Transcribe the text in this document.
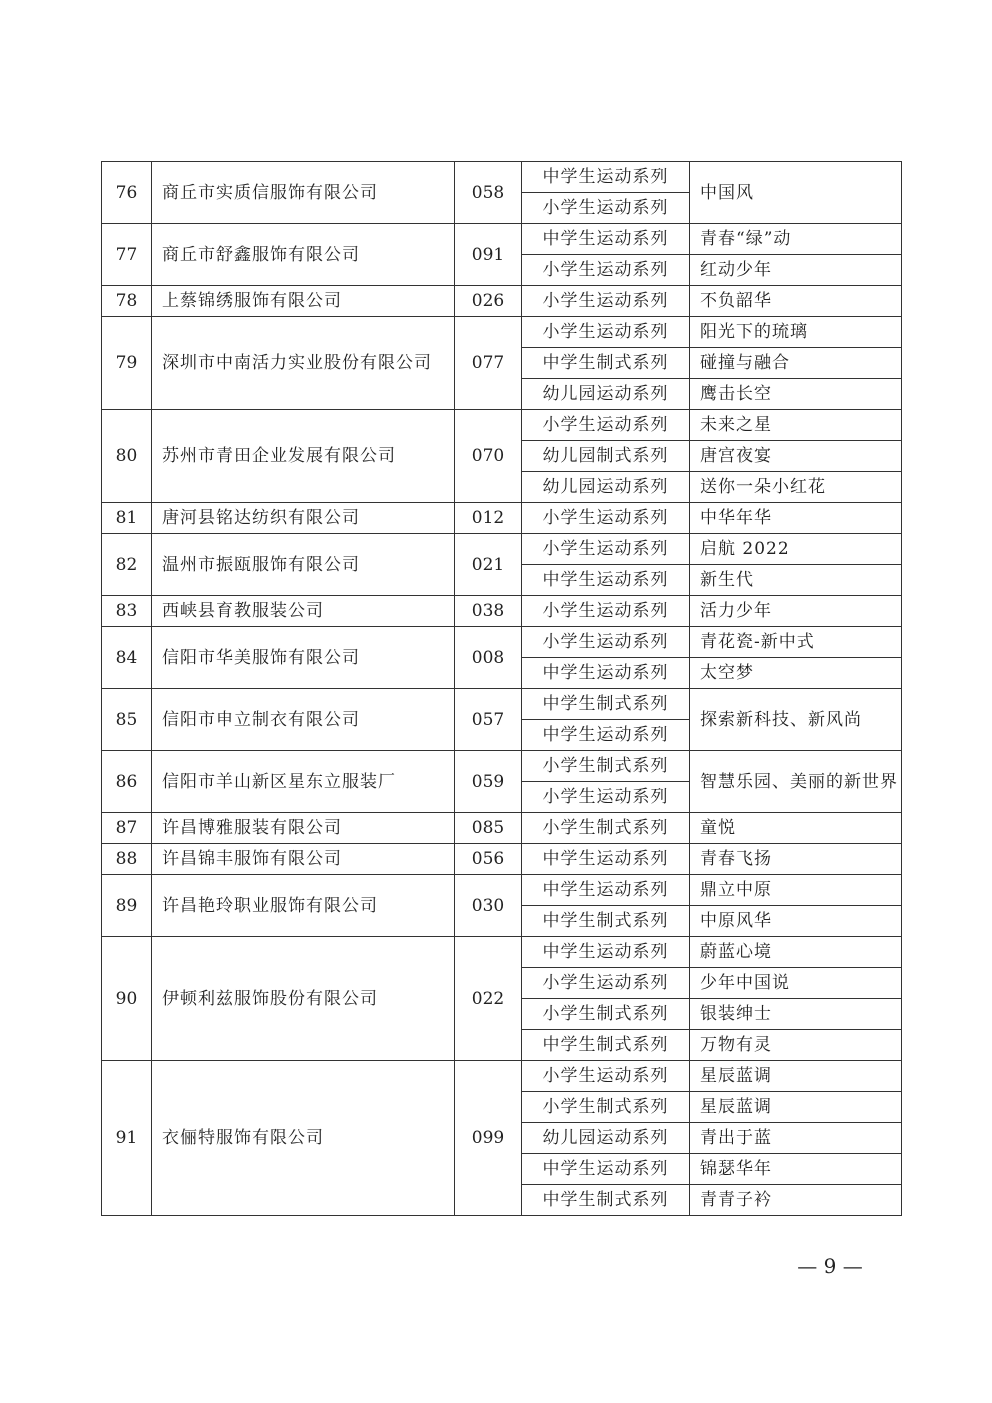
76	商丘市实质信服饰有限公司	058	中学生运动系列	中国风
			小学生运动系列	
77	商丘市舒鑫服饰有限公司	091	中学生运动系列	青春“绿”动
			小学生运动系列	红动少年
78	上蔡锦绣服饰有限公司	026	小学生运动系列	不负韶华
79	深圳市中南活力实业股份有限公司	077	小学生运动系列	阳光下的琉璃
			中学生制式系列	碰撞与融合
			幼儿园运动系列	鹰击长空
80	苏州市青田企业发展有限公司	070	小学生运动系列	未来之星
			幼儿园制式系列	唐宫夜宴
			幼儿园运动系列	送你一朵小红花
81	唐河县铭达纺织有限公司	012	小学生运动系列	中华年华
82	温州市振瓯服饰有限公司	021	小学生运动系列	启航 2022
			中学生运动系列	新生代
83	西峡县育教服装公司	038	小学生运动系列	活力少年
84	信阳市华美服饰有限公司	008	小学生运动系列	青花瓷-新中式
			中学生运动系列	太空梦
85	信阳市申立制衣有限公司	057	中学生制式系列	探索新科技、新风尚
			中学生运动系列	
86	信阳市羊山新区星东立服装厂	059	小学生制式系列	智慧乐园、美丽的新世界
			小学生运动系列	
87	许昌博雅服装有限公司	085	小学生制式系列	童悦
88	许昌锦丰服饰有限公司	056	中学生运动系列	青春飞扬
89	许昌艳玲职业服饰有限公司	030	中学生运动系列	鼎立中原
			中学生制式系列	中原风华
90	伊顿利兹服饰股份有限公司	022	中学生运动系列	蔚蓝心境
			小学生运动系列	少年中国说
			小学生制式系列	银装绅士
			中学生制式系列	万物有灵
91	衣俪特服饰有限公司	099	小学生运动系列	星辰蓝调
			小学生制式系列	星辰蓝调
			幼儿园运动系列	青出于蓝
			中学生运动系列	锦瑟华年
			中学生制式系列	青青子衿
— 9 —
